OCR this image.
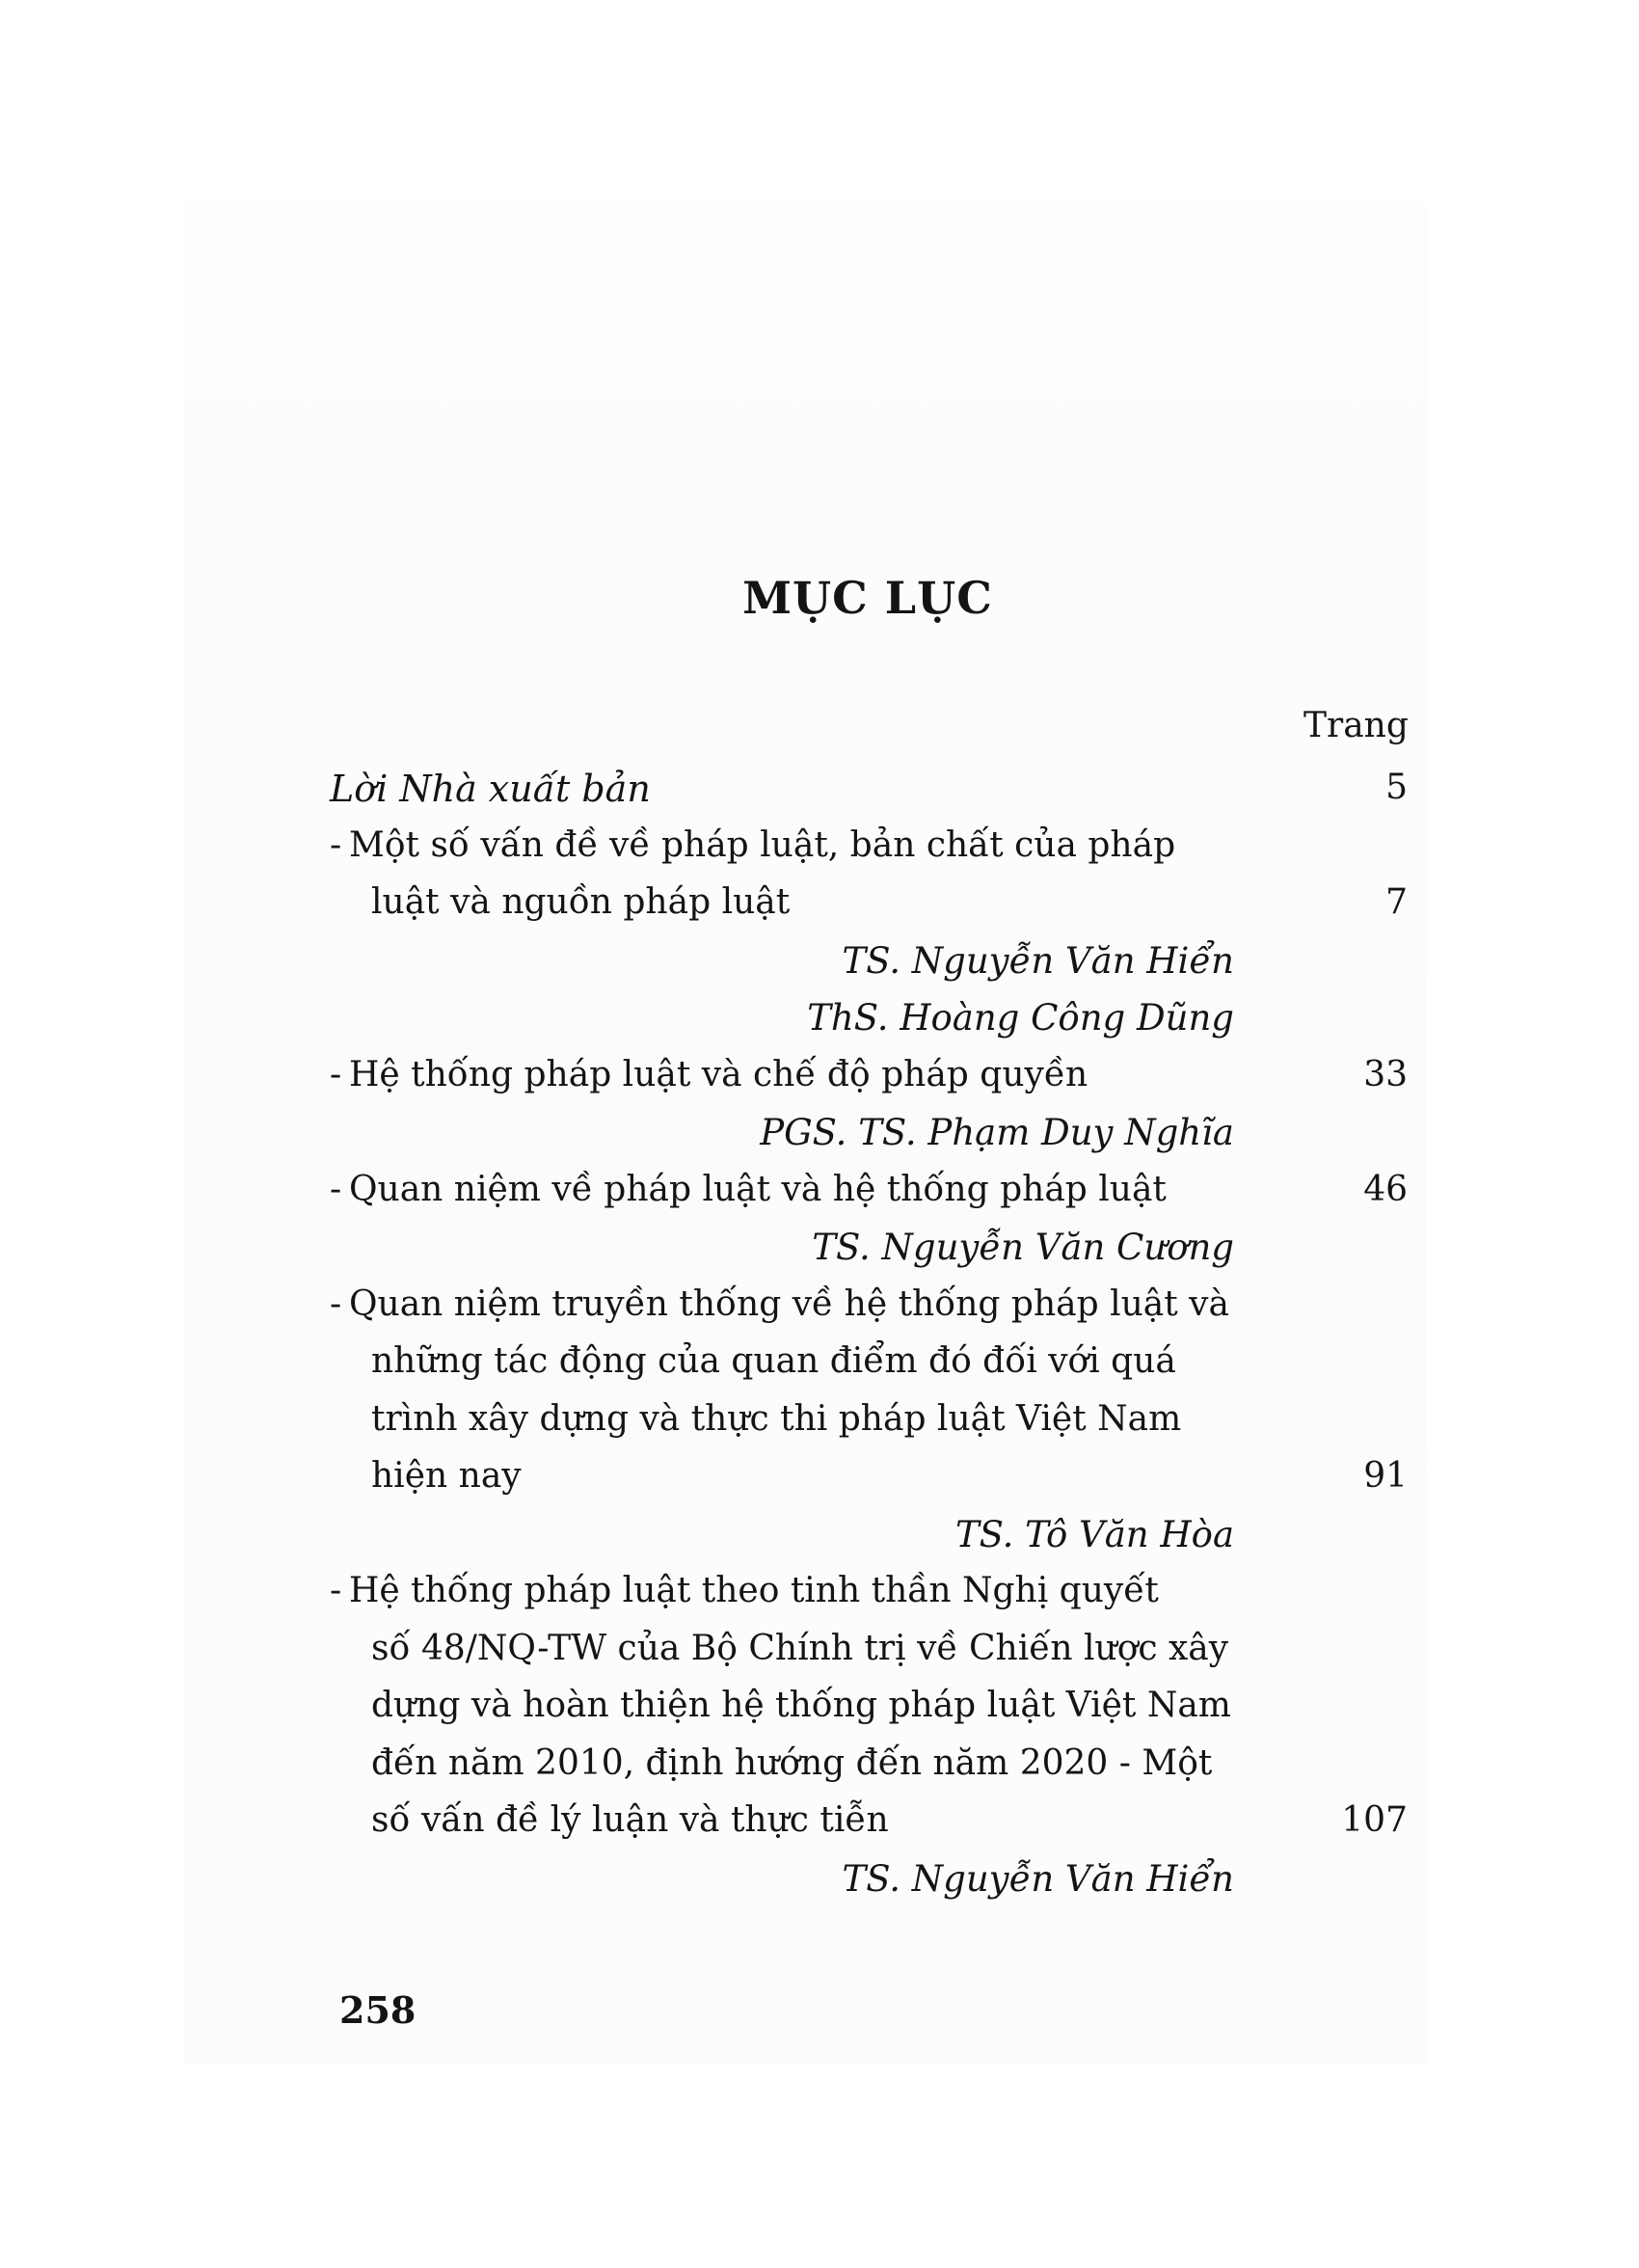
MỤC LỤC
Trang
Lời Nhà xuất bản	5
- Một số vấn đề về pháp luật, bản chất của pháp
luật và nguồn pháp luật	7
TS. Nguyễn Văn Hiển
ThS. Hoàng Công Dũng
- Hệ thống pháp luật và chế độ pháp quyền	33
PGS. TS. Phạm Duy Nghĩa
- Quan niệm về pháp luật và hệ thống pháp luật	46
TS. Nguyễn Văn Cương
- Quan niệm truyền thống về hệ thống pháp luật và
những tác động của quan điểm đó đối với quá
trình xây dựng và thực thi pháp luật Việt Nam
hiện nay	91
TS. Tô Văn Hòa
- Hệ thống pháp luật theo tinh thần Nghị quyết
số 48/NQ-TW của Bộ Chính trị về Chiến lược xây
dựng và hoàn thiện hệ thống pháp luật Việt Nam
đến năm 2010, định hướng đến năm 2020 - Một
số vấn đề lý luận và thực tiễn	107
TS. Nguyễn Văn Hiển
258
